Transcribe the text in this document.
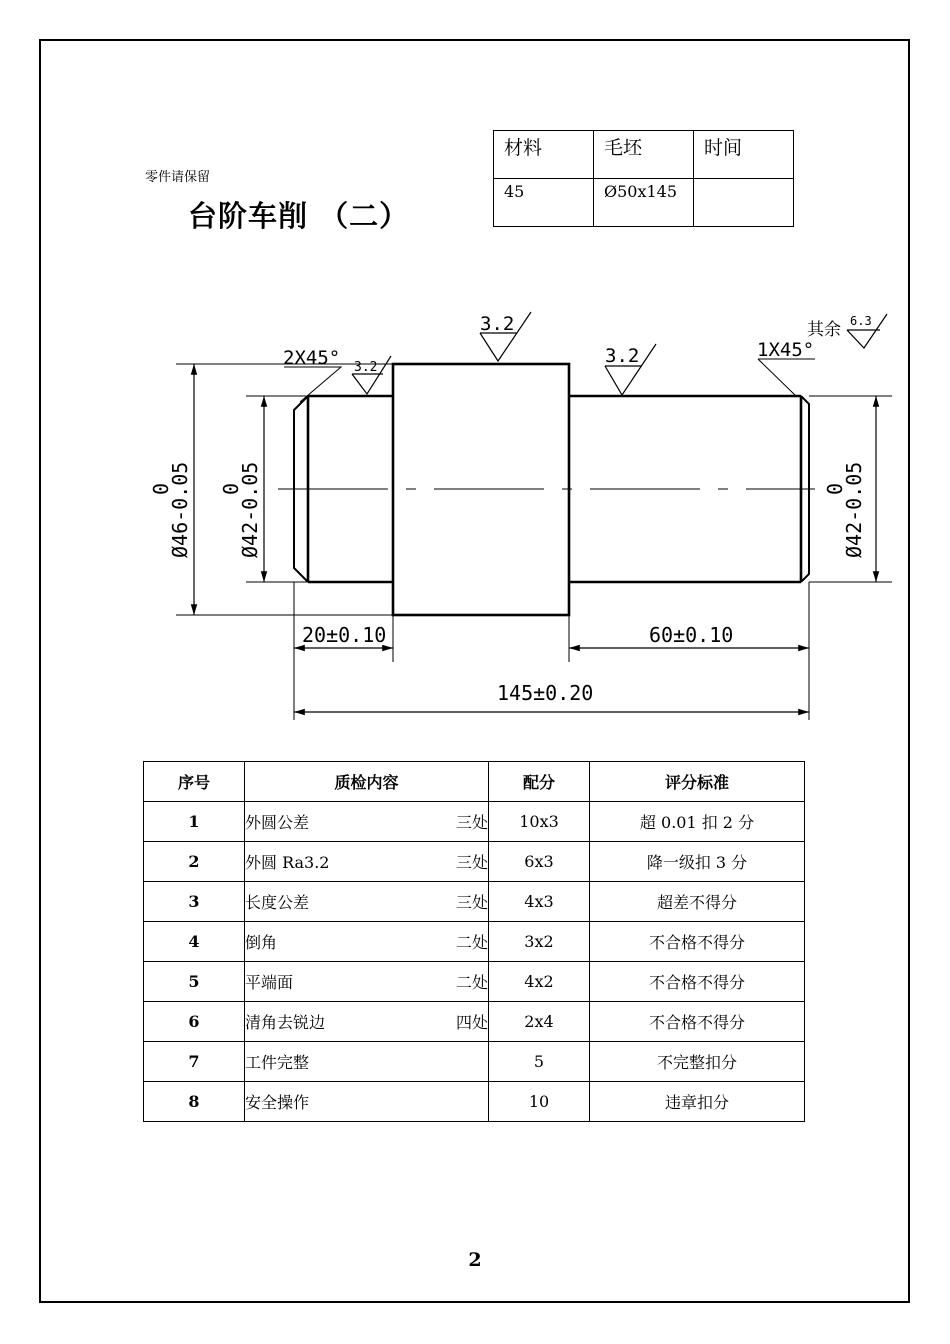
零件请保留
台阶车削 （二）
材料	毛坯	时间
45	Ø50x145	
Ø46-0.05
0	Ø42-0.05
0	Ø42-0.05
0
20±0.10	60±0.10
145±0.20
2X45°	1X45°
3.2
3.2
3.2
其余 6.3
序号	质检内容	配分	评分标准
1	外圆公差 三处	10x3	超 0.01 扣 2 分
2	外圆 Ra3.2 三处	6x3	降一级扣 3 分
3	长度公差 三处	4x3	超差不得分
4	倒角 二处	3x2	不合格不得分
5	平端面 二处	4x2	不合格不得分
6	清角去锐边 四处	2x4	不合格不得分
7	工件完整	5	不完整扣分
8	安全操作	10	违章扣分
2
